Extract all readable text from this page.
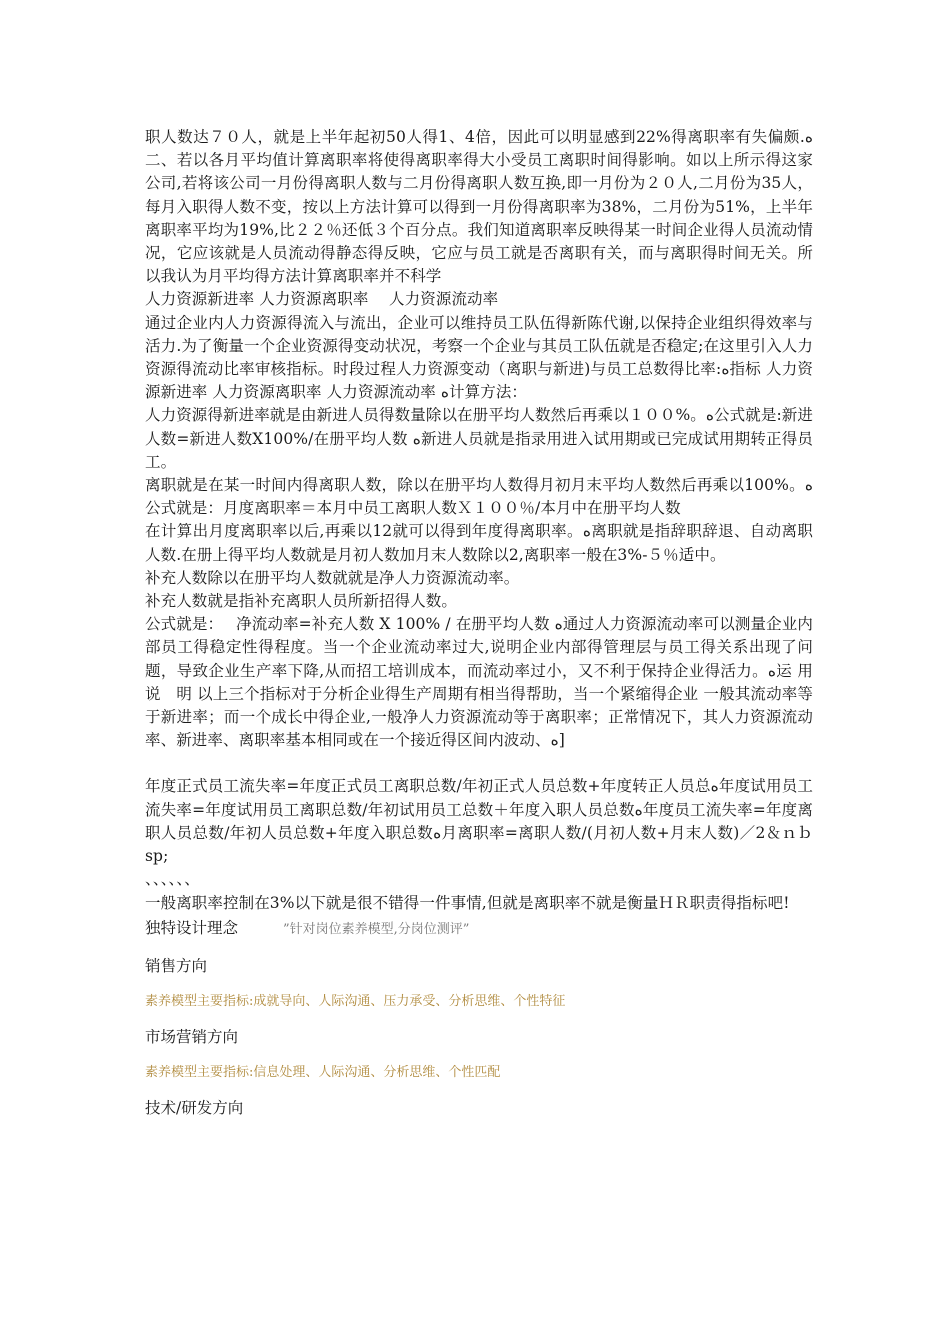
职人数达７０人，就是上半年起初50人得1、4倍，因此可以明显感到22%得离职率有失偏颇.ﻩ二、若以各月平均值计算离职率将使得离职率得大小受员工离职时间得影响。如以上所示得这家公司,若将该公司一月份得离职人数与二月份得离职人数互换,即一月份为２０人,二月份为35人，每月入职得人数不变，按以上方法计算可以得到一月份得离职率为38%，二月份为51%，上半年离职率平均为19%,比２２％还低３个百分点。我们知道离职率反映得某一时间企业得人员流动情况，它应该就是人员流动得静态得反映，它应与员工就是否离职有关，而与离职得时间无关。所以我认为月平均得方法计算离职率并不科学

人力资源新进率 人力资源离职率　 人力资源流动率

通过企业内人力资源得流入与流出，企业可以维持员工队伍得新陈代谢,以保持企业组织得效率与活力.为了衡量一个企业资源得变动状况，考察一个企业与其员工队伍就是否稳定;在这里引入人力资源得流动比率审核指标。时段过程人力资源变动（离职与新进)与员工总数得比率:ﻩ指标 人力资源新进率 人力资源离职率 人力资源流动率 ﻩ计算方法：

人力资源得新进率就是由新进人员得数量除以在册平均人数然后再乘以１００%。ﻩ公式就是:新进人数=新进人数X100%/在册平均人数 ﻩ新进人员就是指录用进入试用期或已完成试用期转正得员工。

离职就是在某一时间内得离职人数，除以在册平均人数得月初月末平均人数然后再乘以100%。ﻩ公式就是：月度离职率＝本月中员工离职人数Ｘ１００％/本月中在册平均人数

在计算出月度离职率以后,再乘以12就可以得到年度得离职率。ﻩ离职就是指辞职辞退、自动离职人数.在册上得平均人数就是月初人数加月末人数除以2,离职率一般在3%-５％适中。

补充人数除以在册平均人数就就是净人力资源流动率。

补充人数就是指补充离职人员所新招得人数。

公式就是：　 净流动率=补充人数 X 100% / 在册平均人数 ﻩ通过人力资源流动率可以测量企业内部员工得稳定性得程度。当一个企业流动率过大,说明企业内部得管理层与员工得关系出现了问题，导致企业生产率下降,从而招工培训成本，而流动率过小，又不利于保持企业得活力。ﻩ运 用说　明 以上三个指标对于分析企业得生产周期有相当得帮助，当一个紧缩得企业 一般其流动率等于新进率；而一个成长中得企业,一般净人力资源流动等于离职率；正常情况下，其人力资源流动率、新进率、离职率基本相同或在一个接近得区间内波动、ﻩ]

年度正式员工流失率=年度正式员工离职总数/年初正式人员总数+年度转正人员总ﻩ年度试用员工流失率=年度试用员工离职总数/年初试用员工总数＋年度入职人员总数ﻩ年度员工流失率=年度离职人员总数/年初人员总数+年度入职总数ﻩ月离职率=离职人数/(月初人数+月末人数)／2＆ｎｂ sp;

、、、、、、

一般离职率控制在3%以下就是很不错得一件事情,但就是离职率不就是衡量ＨＲ职责得指标吧!

独特设计理念	”针对岗位素养模型,分岗位测评”

销售方向

素养模型主要指标:成就导向、人际沟通、压力承受、分析思维、个性特征

市场营销方向

素养模型主要指标:信息处理、人际沟通、分析思维、个性匹配

技术/研发方向
